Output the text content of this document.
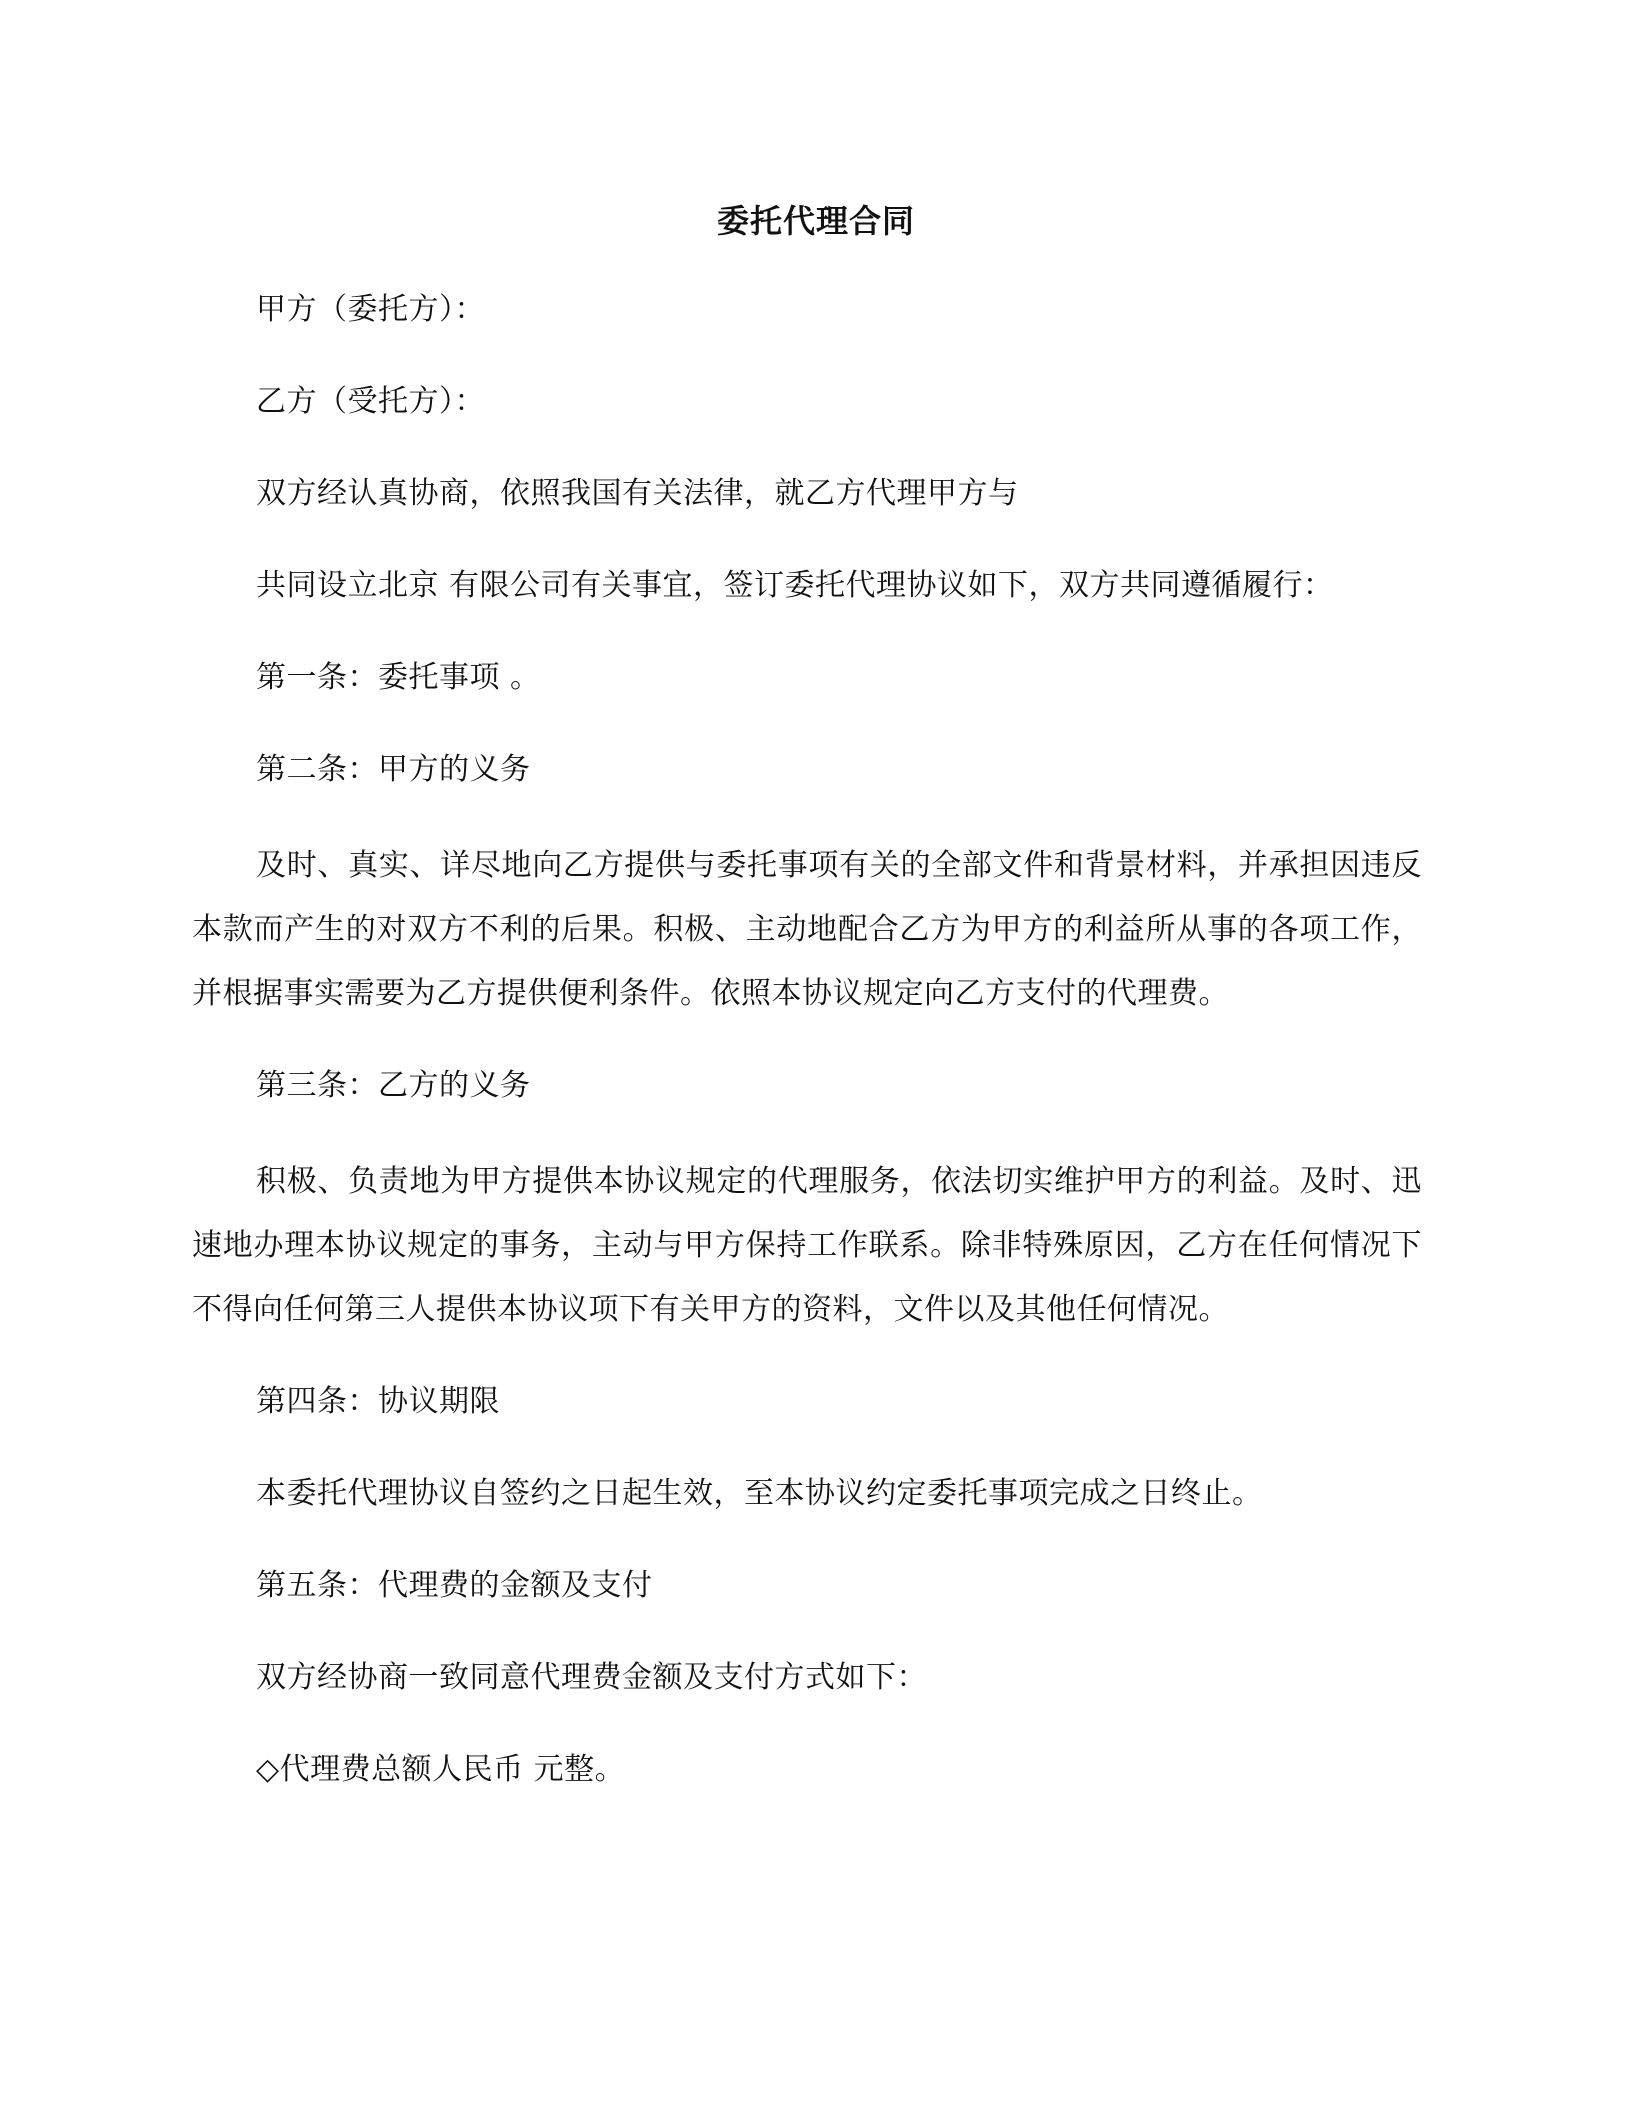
委托代理合同
甲方（委托方）：
乙方（受托方）：
双方经认真协商，依照我国有关法律，就乙方代理甲方与
共同设立北京 有限公司有关事宜，签订委托代理协议如下，双方共同遵循履行：
第一条：委托事项 。
第二条：甲方的义务
及时、真实、详尽地向乙方提供与委托事项有关的全部文件和背景材料，并承担因违反本款而产生的对双方不利的后果。积极、主动地配合乙方为甲方的利益所从事的各项工作，并根据事实需要为乙方提供便利条件。依照本协议规定向乙方支付的代理费。
第三条：乙方的义务
积极、负责地为甲方提供本协议规定的代理服务，依法切实维护甲方的利益。及时、迅速地办理本协议规定的事务，主动与甲方保持工作联系。除非特殊原因，乙方在任何情况下不得向任何第三人提供本协议项下有关甲方的资料，文件以及其他任何情况。
第四条：协议期限
本委托代理协议自签约之日起生效，至本协议约定委托事项完成之日终止。
第五条：代理费的金额及支付
双方经协商一致同意代理费金额及支付方式如下：
◇代理费总额人民币 元整。
